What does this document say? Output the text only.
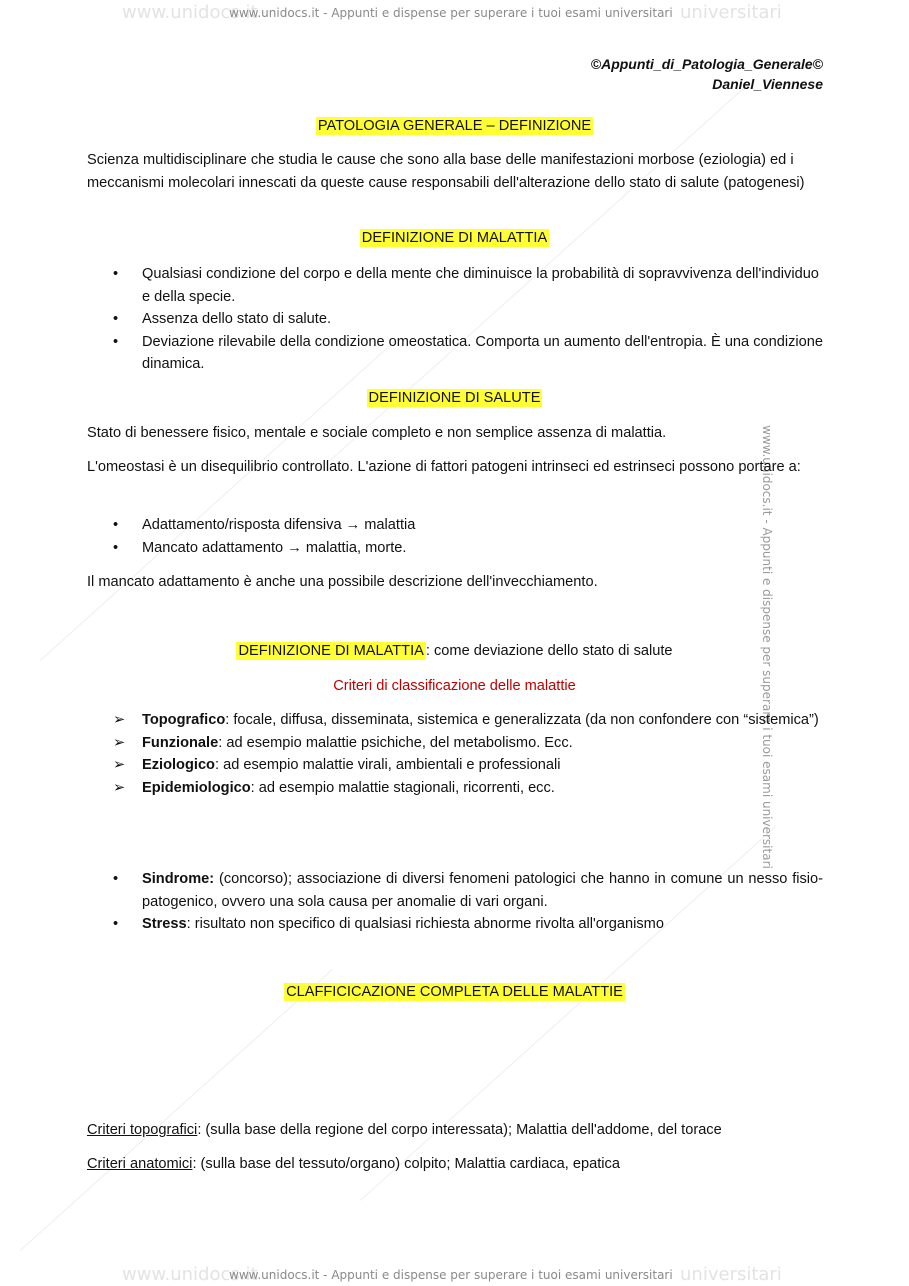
www.unidocs.it	universitari
www.unidocs.it - Appunti e dispense per superare i tuoi esami universitari
www.unidocs.it	universitari
www.unidocs.it - Appunti e dispense per superare i tuoi esami universitari
www.unidocs.it - Appunti e dispense per superare i tuoi esami universitari
©Appunti_di_Patologia_Generale©
Daniel_Viennese
PATOLOGIA GENERALE – DEFINIZIONE
Scienza multidisciplinare che studia le cause che sono alla base delle manifestazioni morbose (eziologia) ed i meccanismi molecolari innescati da queste cause responsabili dell'alterazione dello stato di salute (patogenesi)
DEFINIZIONE DI MALATTIA
• Qualsiasi condizione del corpo e della mente che diminuisce la probabilità di sopravvivenza dell'individuo e della specie.
• Assenza dello stato di salute.
• Deviazione rilevabile della condizione omeostatica. Comporta un aumento dell'entropia. È una condizione dinamica.
DEFINIZIONE DI SALUTE
Stato di benessere fisico, mentale e sociale completo e non semplice assenza di malattia.
L'omeostasi è un disequilibrio controllato. L'azione di fattori patogeni intrinseci ed estrinseci possono portare a:
• Adattamento/risposta difensiva → malattia
• Mancato adattamento → malattia, morte.
Il mancato adattamento è anche una possibile descrizione dell'invecchiamento.
DEFINIZIONE DI MALATTIA : come deviazione dello stato di salute
Criteri di classificazione delle malattie
➢ Topografico: focale, diffusa, disseminata, sistemica e generalizzata (da non confondere con “sistemica”)
➢ Funzionale: ad esempio malattie psichiche, del metabolismo. Ecc.
➢ Eziologico: ad esempio malattie virali, ambientali e professionali
➢ Epidemiologico: ad esempio malattie stagionali, ricorrenti, ecc.
• Sindrome: (concorso); associazione di diversi fenomeni patologici che hanno in comune un nesso fisio-patogenico, ovvero una sola causa per anomalie di vari organi.
• Stress: risultato non specifico di qualsiasi richiesta abnorme rivolta all'organismo
CLAFFICICAZIONE COMPLETA DELLE MALATTIE
Criteri topografici: (sulla base della regione del corpo interessata); Malattia dell'addome, del torace
Criteri anatomici: (sulla base del tessuto/organo) colpito; Malattia cardiaca, epatica
